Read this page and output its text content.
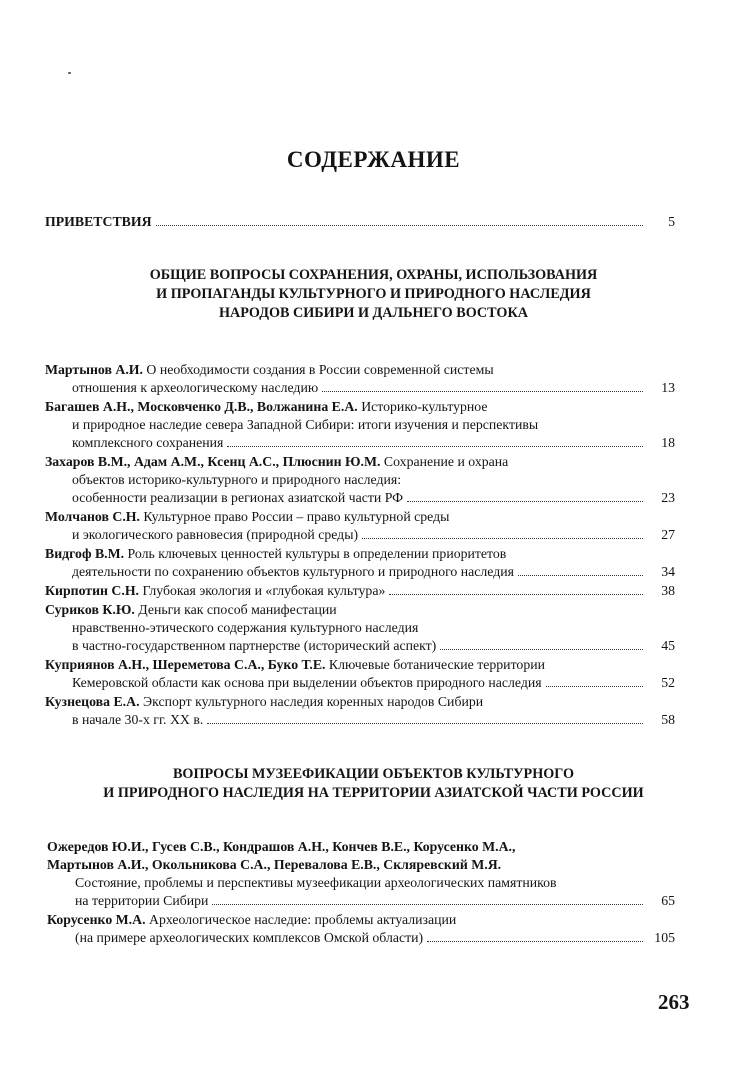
СОДЕРЖАНИЕ
ПРИВЕТСТВИЯ	5
ОБЩИЕ ВОПРОСЫ СОХРАНЕНИЯ, ОХРАНЫ, ИСПОЛЬЗОВАНИЯ
И ПРОПАГАНДЫ КУЛЬТУРНОГО И ПРИРОДНОГО НАСЛЕДИЯ
НАРОДОВ СИБИРИ И ДАЛЬНЕГО ВОСТОКА
Мартынов А.И. О необходимости создания в России современной системы
отношения к археологическому наследию	13
Багашев А.Н., Московченко Д.В., Волжанина Е.А. Историко-культурное
и природное наследие севера Западной Сибири: итоги изучения и перспективы
комплексного сохранения	18
Захаров В.М., Адам А.М., Ксенц А.С., Плюснин Ю.М. Сохранение и охрана
объектов историко-культурного и природного наследия:
особенности реализации в регионах азиатской части РФ	23
Молчанов С.Н. Культурное право России – право культурной среды
и экологического равновесия (природной среды)	27
Видгоф В.М. Роль ключевых ценностей культуры в определении приоритетов
деятельности по сохранению объектов культурного и природного наследия	34
Кирпотин С.Н. Глубокая экология и «глубокая культура»	38
Суриков К.Ю. Деньги как способ манифестации
нравственно-этического содержания культурного наследия
в частно-государственном партнерстве (исторический аспект)	45
Куприянов А.Н., Шереметова С.А., Буко Т.Е. Ключевые ботанические территории
Кемеровской области как основа при выделении объектов природного наследия	52
Кузнецова Е.А. Экспорт культурного наследия коренных народов Сибири
в начале 30-х гг. XX в.	58
ВОПРОСЫ МУЗЕЕФИКАЦИИ ОБЪЕКТОВ КУЛЬТУРНОГО
И ПРИРОДНОГО НАСЛЕДИЯ НА ТЕРРИТОРИИ АЗИАТСКОЙ ЧАСТИ РОССИИ
Ожередов Ю.И., Гусев С.В., Кондрашов А.Н., Кончев В.Е., Корусенко М.А.,
Мартынов А.И., Окольникова С.А., Перевалова Е.В., Скляревский М.Я.
Состояние, проблемы и перспективы музеефикации археологических памятников
на территории Сибири	65
Корусенко М.А. Археологическое наследие: проблемы актуализации
(на примере археологических комплексов Омской области)	105
263
